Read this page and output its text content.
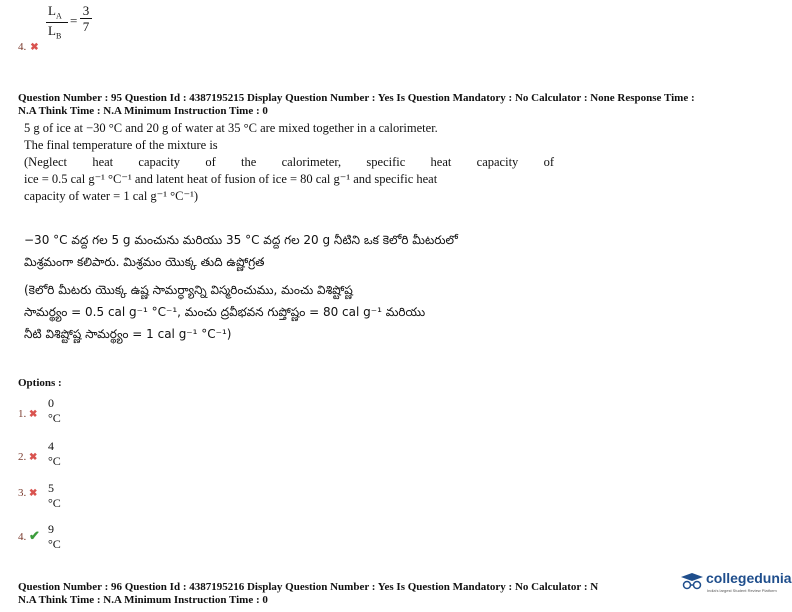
$L_A$
$L_B$
=
3
7
4. ✖
Question Number : 95 Question Id : 4387195215 Display Question Number : Yes Is Question Mandatory : No Calculator : None Response Time :
N.A Think Time : N.A Minimum Instruction Time : 0
5 g of ice at −30 °C and 20 g of water at 35 °C are mixed together in a calorimeter.
The final temperature of the mixture is
(Neglect heat capacity of the calorimeter, specific heat capacity of
ice = 0.5 cal g⁻¹ °C⁻¹ and latent heat of fusion of ice = 80 cal g⁻¹ and specific heat
capacity of water = 1 cal g⁻¹ °C⁻¹)
−30 °C వద్ద గల 5 g మంచును మరియు 35 °C వద్ద గల 20 g నీటిని ఒక కెలోరి మీటరులో
మిశ్రమంగా కలిపారు. మిశ్రమం యొక్క తుది ఉష్ణోగ్రత
(కెలోరి మీటరు యొక్క ఉష్ణ సామర్ధ్యాన్ని విస్మరించుము, మంచు విశిష్టోష్ణ
సామర్థ్యం = 0.5 cal g⁻¹ °C⁻¹, మంచు ద్రవీభవన గుప్తోష్ణం = 80 cal g⁻¹ మరియు
నీటి విశిష్టోష్ణ సామర్థ్యం = 1 cal g⁻¹ °C⁻¹)
Options :
0 °C
1. ✖
4 °C
2. ✖
5 °C
3. ✖
9 °C
4. ✔
Question Number : 96 Question Id : 4387195216 Display Question Number : Yes Is Question Mandatory : No Calculator : N
N.A Think Time : N.A Minimum Instruction Time : 0
collegedunia
India's largest Student Review Platform
